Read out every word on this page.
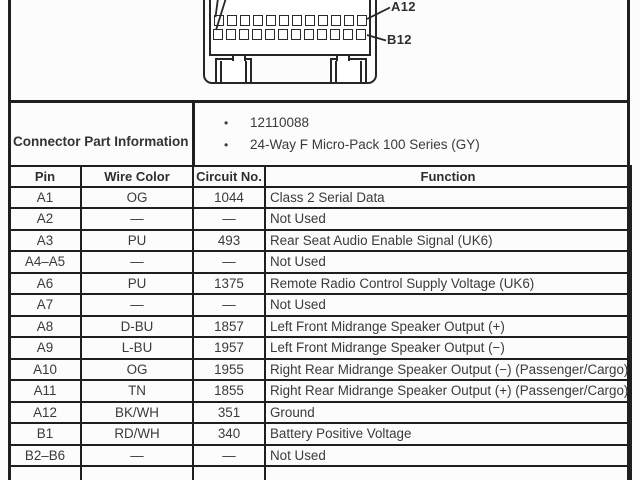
A12
B12
Connector Part Information
• 12110088
• 24-Way F Micro-Pack 100 Series (GY)
Pin	Wire Color	Circuit No.	Function
A1	OG	1044	Class 2 Serial Data
A2	—	—	Not Used
A3	PU	493	Rear Seat Audio Enable Signal (UK6)
A4–A5	—	—	Not Used
A6	PU	1375	Remote Radio Control Supply Voltage (UK6)
A7	—	—	Not Used
A8	D-BU	1857	Left Front Midrange Speaker Output (+)
A9	L-BU	1957	Left Front Midrange Speaker Output (−)
A10	OG	1955	Right Rear Midrange Speaker Output (−) (Passenger/Cargo)
A11	TN	1855	Right Rear Midrange Speaker Output (+) (Passenger/Cargo)
A12	BK/WH	351	Ground
B1	RD/WH	340	Battery Positive Voltage
B2–B6	—	—	Not Used
